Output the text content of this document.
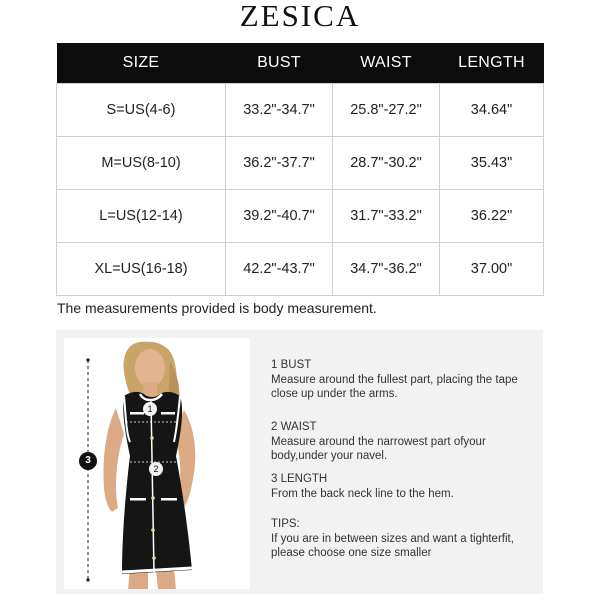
ZESICA
SIZE	BUST	WAIST	LENGTH
S=US(4-6)	33.2"-34.7"	25.8"-27.2"	34.64"
M=US(8-10)	36.2"-37.7"	28.7"-30.2"	35.43"
L=US(12-14)	39.2"-40.7"	31.7"-33.2"	36.22"
XL=US(16-18)	42.2"-43.7"	34.7"-36.2"	37.00"
The measurements provided is body measurement.
1
2
3
1 BUST
Measure around the fullest part, placing the tape close up under the arms.
2 WAIST
Measure around the narrowest part ofyour body,under your navel.
3 LENGTH
From the back neck line to the hem.
TIPS:
If you are in between sizes and want a tighterfit, please choose one size smaller
